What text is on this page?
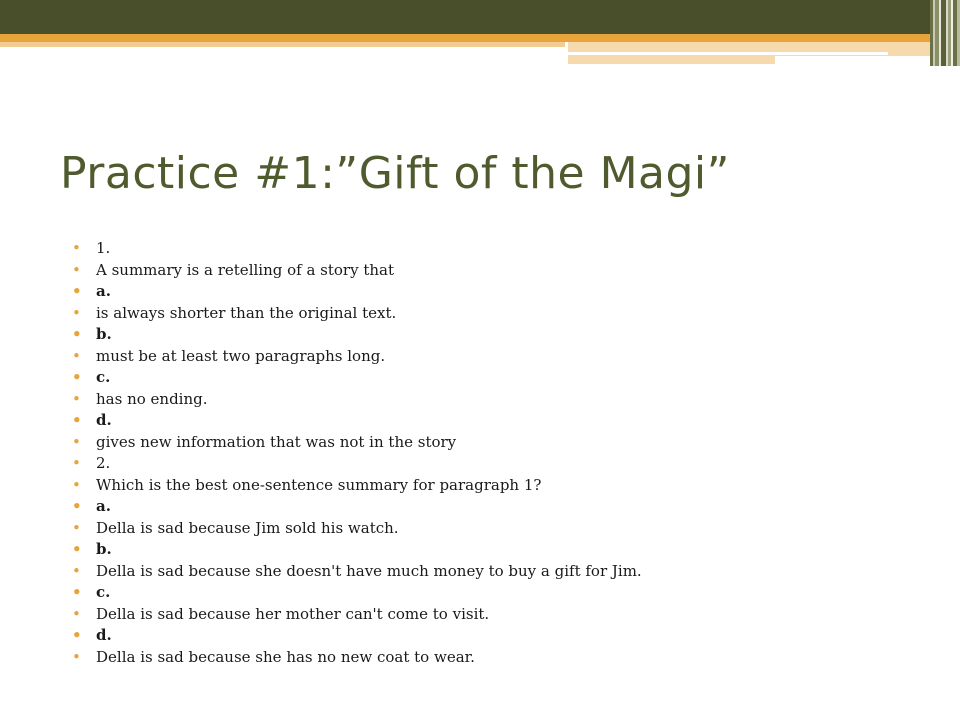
Practice #1:”Gift of the Magi”
• 1.
• A summary is a retelling of a story that
• a.
• is always shorter than the original text.
• b.
• must be at least two paragraphs long.
• c.
• has no ending.
• d.
• gives new information that was not in the story
• 2.
• Which is the best one-sentence summary for paragraph 1?
• a.
• Della is sad because Jim sold his watch.
• b.
• Della is sad because she doesn't have much money to buy a gift for Jim.
• c.
• Della is sad because her mother can't come to visit.
• d.
• Della is sad because she has no new coat to wear.
